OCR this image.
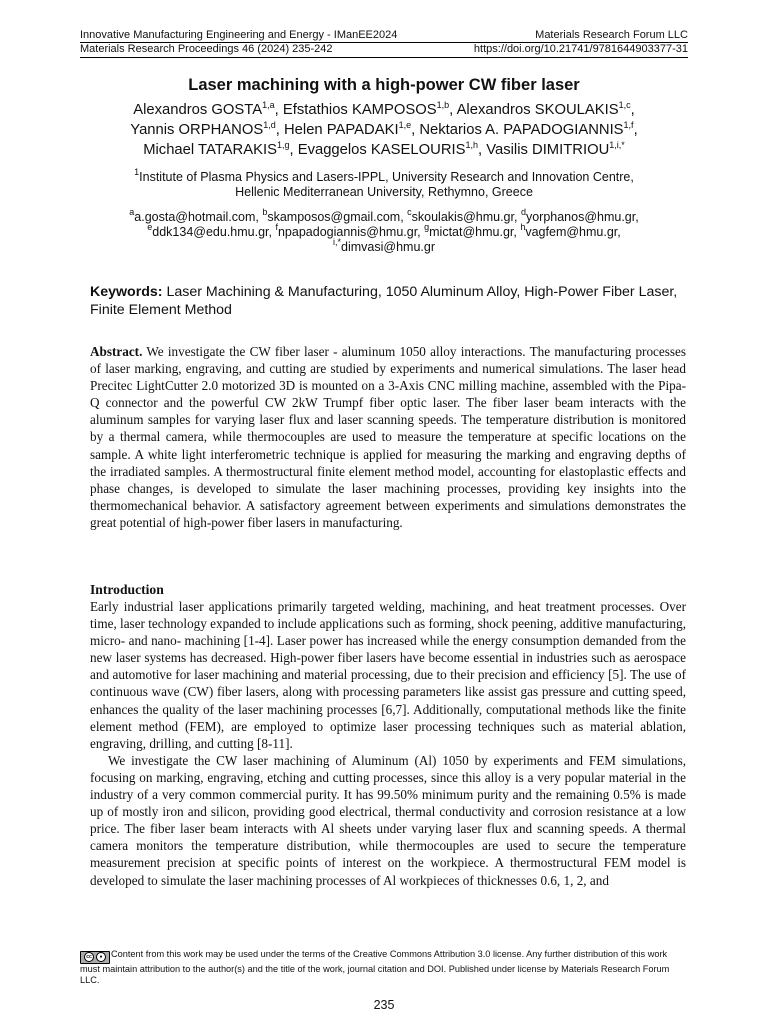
Innovative Manufacturing Engineering and Energy - IManEE2024	Materials Research Forum LLC
Materials Research Proceedings 46 (2024) 235-242	https://doi.org/10.21741/9781644903377-31
Laser machining with a high-power CW fiber laser
Alexandros GOSTA$^{1,a}$, Efstathios KAMPOSOS$^{1,b}$, Alexandros SKOULAKIS$^{1,c}$,
Yannis ORPHANOS$^{1,d}$, Helen PAPADAKI$^{1,e}$, Nektarios A. PAPADOGIANNIS$^{1,f}$,
Michael TATARAKIS$^{1,g}$, Evaggelos KASELOURIS$^{1,h}$, Vasilis $DIMITRIOU^{1,i,*}$
$^1$Institute of Plasma Physics and Lasers-IPPL, University Research and Innovation Centre,
Hellenic Mediterranean University, Rethymno, Greece
$^a$a.gosta@hotmail.com, $^b$skamposos@gmail.com, $^c$skoulakis@hmu.gr, $^d$yorphanos@hmu.gr,
$^e$ddk134@edu.hmu.gr, $^f$npapadogiannis@hmu.gr, $^g$mictat@hmu.gr, $^h$vagfem@hmu.gr,
$^{i,*}$dimvasi@hmu.gr
Keywords: Laser Machining & Manufacturing, 1050 Aluminum Alloy, High-Power Fiber Laser, Finite Element Method
Abstract. We investigate the CW fiber laser - aluminum 1050 alloy interactions. The manufacturing processes of laser marking, engraving, and cutting are studied by experiments and numerical simulations. The laser head Precitec LightCutter 2.0 motorized 3D is mounted on a 3-Axis CNC milling machine, assembled with the Pipa-Q connector and the powerful CW 2kW Trumpf fiber optic laser. The fiber laser beam interacts with the aluminum samples for varying laser flux and laser scanning speeds. The temperature distribution is monitored by a thermal camera, while thermocouples are used to measure the temperature at specific locations on the sample. A white light interferometric technique is applied for measuring the marking and engraving depths of the irradiated samples. A thermostructural finite element method model, accounting for elastoplastic effects and phase changes, is developed to simulate the laser machining processes, providing key insights into the thermomechanical behavior. A satisfactory agreement between experiments and simulations demonstrates the great potential of high-power fiber lasers in manufacturing.
Introduction

Early industrial laser applications primarily targeted welding, machining, and heat treatment processes. Over time, laser technology expanded to include applications such as forming, shock peening, additive manufacturing, micro- and nano- machining [1-4]. Laser power has increased while the energy consumption demanded from the new laser systems has decreased. High-power fiber lasers have become essential in industries such as aerospace and automotive for laser machining and material processing, due to their precision and efficiency [5]. The use of continuous wave (CW) fiber lasers, along with processing parameters like assist gas pressure and cutting speed, enhances the quality of the laser machining processes [6,7]. Additionally, computational methods like the finite element method (FEM), are employed to optimize laser processing techniques such as material ablation, engraving, drilling, and cutting [8-11].

We investigate the CW laser machining of Aluminum (Al) 1050 by experiments and FEM simulations, focusing on marking, engraving, etching and cutting processes, since this alloy is a very popular material in the industry of a very common commercial purity. It has 99.50% minimum purity and the remaining 0.5% is made up of mostly iron and silicon, providing good electrical, thermal conductivity and corrosion resistance at a low price. The fiber laser beam interacts with Al sheets under varying laser flux and scanning speeds. A thermal camera monitors the temperature distribution, while thermocouples are used to secure the temperature measurement precision at specific points of interest on the workpiece. A thermostructural FEM model is developed to simulate the laser machining processes of Al workpieces of thicknesses 0.6, 1, 2, and

cc	● Content from this work may be used under the terms of the Creative Commons Attribution 3.0 license. Any further distribution of this work must maintain attribution to the author(s) and the title of the work, journal citation and DOI. Published under license by Materials Research Forum LLC.
235
